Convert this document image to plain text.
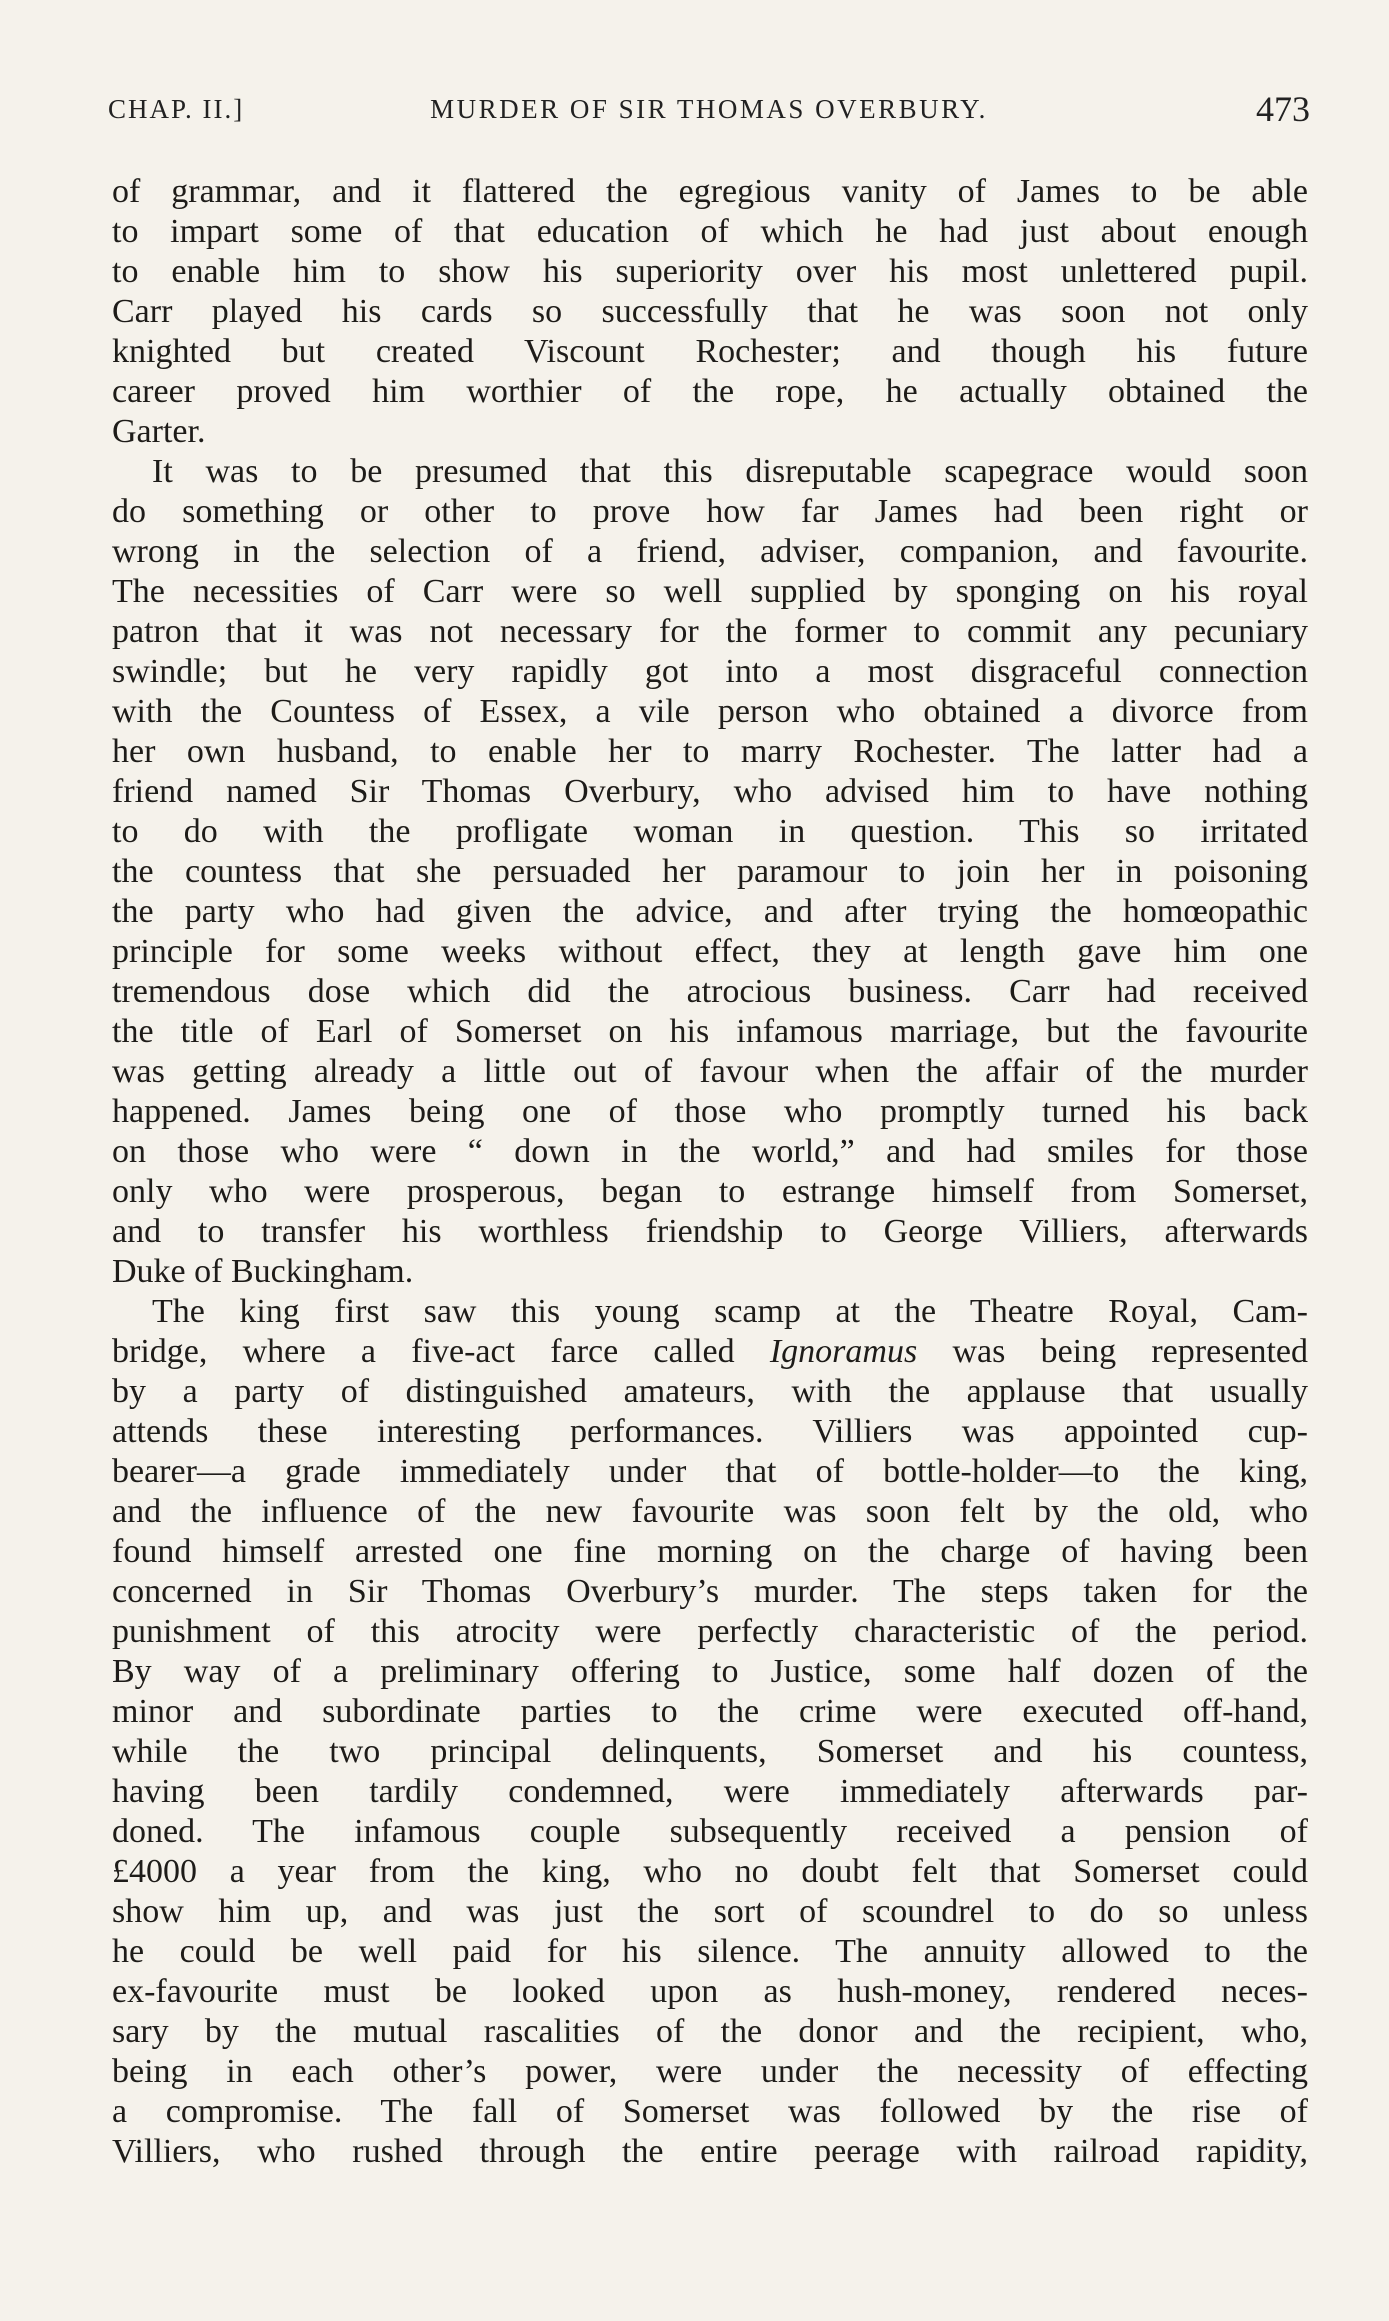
CHAP. II.]	MURDER OF SIR THOMAS OVERBURY.	473
of grammar, and it flattered the egregious vanity of James to be able
to impart some of that education of which he had just about enough
to enable him to show his superiority over his most unlettered pupil.
Carr played his cards so successfully that he was soon not only
knighted but created Viscount Rochester; and though his future
career proved him worthier of the rope, he actually obtained the
Garter.
It was to be presumed that this disreputable scapegrace would soon
do something or other to prove how far James had been right or
wrong in the selection of a friend, adviser, companion, and favourite.
The necessities of Carr were so well supplied by sponging on his royal
patron that it was not necessary for the former to commit any pecuniary
swindle; but he very rapidly got into a most disgraceful connection
with the Countess of Essex, a vile person who obtained a divorce from
her own husband, to enable her to marry Rochester. The latter had a
friend named Sir Thomas Overbury, who advised him to have nothing
to do with the profligate woman in question. This so irritated
the countess that she persuaded her paramour to join her in poisoning
the party who had given the advice, and after trying the homœopathic
principle for some weeks without effect, they at length gave him one
tremendous dose which did the atrocious business. Carr had received
the title of Earl of Somerset on his infamous marriage, but the favourite
was getting already a little out of favour when the affair of the murder
happened. James being one of those who promptly turned his back
on those who were “ down in the world,” and had smiles for those
only who were prosperous, began to estrange himself from Somerset,
and to transfer his worthless friendship to George Villiers, afterwards
Duke of Buckingham.
The king first saw this young scamp at the Theatre Royal, Cam-
bridge, where a five-act farce called Ignoramus was being represented
by a party of distinguished amateurs, with the applause that usually
attends these interesting performances. Villiers was appointed cup-
bearer—a grade immediately under that of bottle-holder—to the king,
and the influence of the new favourite was soon felt by the old, who
found himself arrested one fine morning on the charge of having been
concerned in Sir Thomas Overbury’s murder. The steps taken for the
punishment of this atrocity were perfectly characteristic of the period.
By way of a preliminary offering to Justice, some half dozen of the
minor and subordinate parties to the crime were executed off-hand,
while the two principal delinquents, Somerset and his countess,
having been tardily condemned, were immediately afterwards par-
doned. The infamous couple subsequently received a pension of
£4000 a year from the king, who no doubt felt that Somerset could
show him up, and was just the sort of scoundrel to do so unless
he could be well paid for his silence. The annuity allowed to the
ex-favourite must be looked upon as hush-money, rendered neces-
sary by the mutual rascalities of the donor and the recipient, who,
being in each other’s power, were under the necessity of effecting
a compromise. The fall of Somerset was followed by the rise of
Villiers, who rushed through the entire peerage with railroad rapidity,
